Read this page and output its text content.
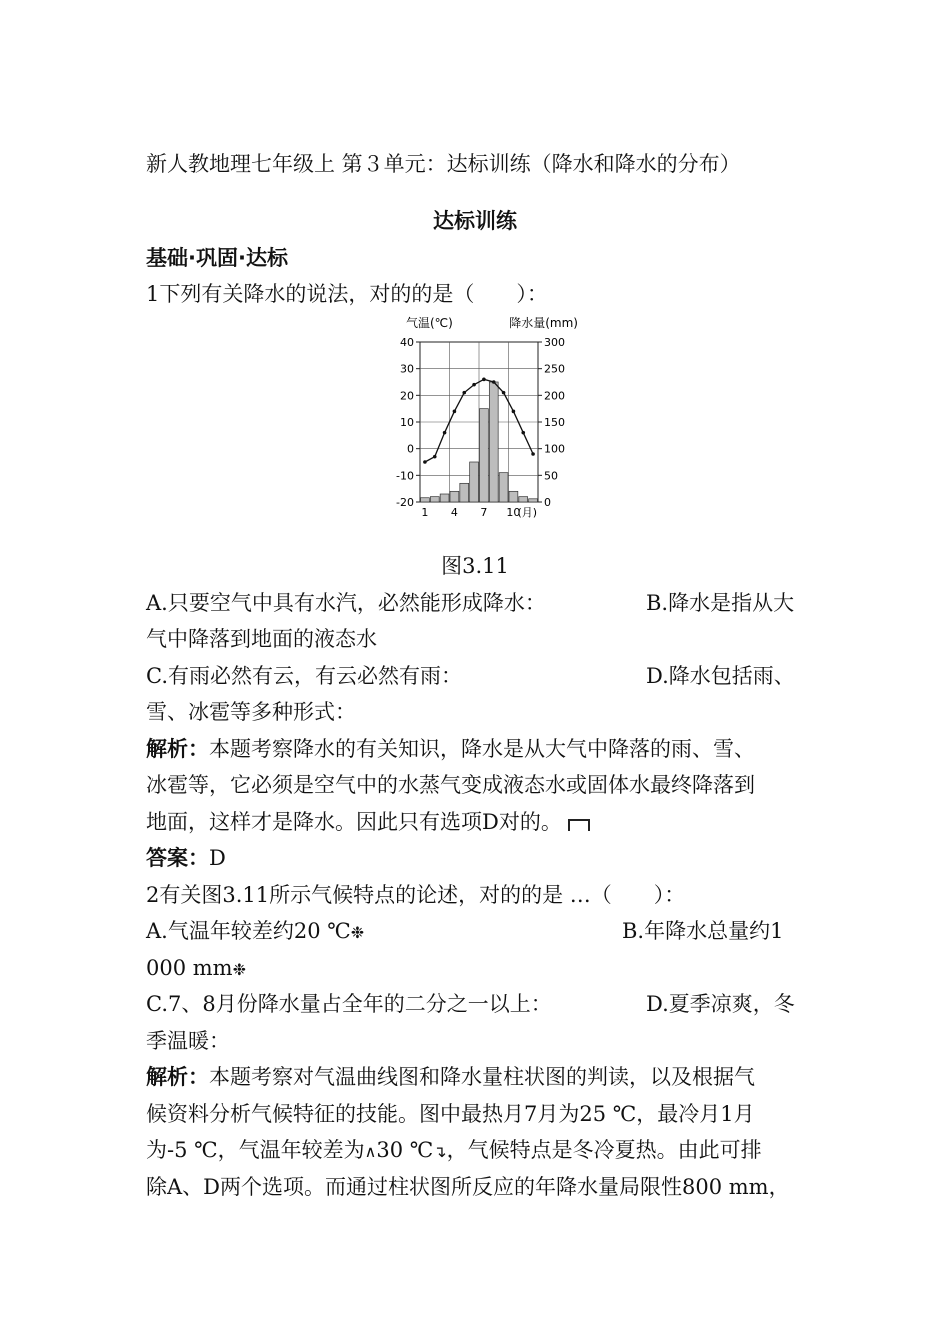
新人教地理七年级上 第３单元：达标训练（降水和降水的分布）
达标训练
基础·巩固·达标
1下列有关降水的说法，对的的是（　　）：
气温(℃)	降水量(mm)
40
30
20
10
0
-10
-20
300
250
200
150
100
50
0
1 4 7 10
(月)
图3.11
A.只要空气中具有水汽，必然能形成降水：	B.降水是指从大
气中降落到地面的液态水
C.有雨必然有云，有云必然有雨：	D.降水包括雨、
雪、冰雹等多种形式：
解析：本题考察降水的有关知识，降水是从大气中降落的雨、雪、
冰雹等，它必须是空气中的水蒸气变成液态水或固体水最终降落到
地面，这样才是降水。因此只有选项D对的。
答案：D
2有关图3.11所示气候特点的论述，对的的是 …（　　）：
A.气温年较差约20 ℃❉	B.年降水总量约1
000 mm❉
C.7、8月份降水量占全年的二分之一以上：	D.夏季凉爽，冬
季温暖：
解析：本题考察对气温曲线图和降水量柱状图的判读，以及根据气
候资料分析气候特征的技能。图中最热月7月为25 ℃，最冷月1月
为-5 ℃，气温年较差为∧30 ℃↴，气候特点是冬冷夏热。由此可排
除A、D两个选项。而通过柱状图所反应的年降水量局限性800 mm，
